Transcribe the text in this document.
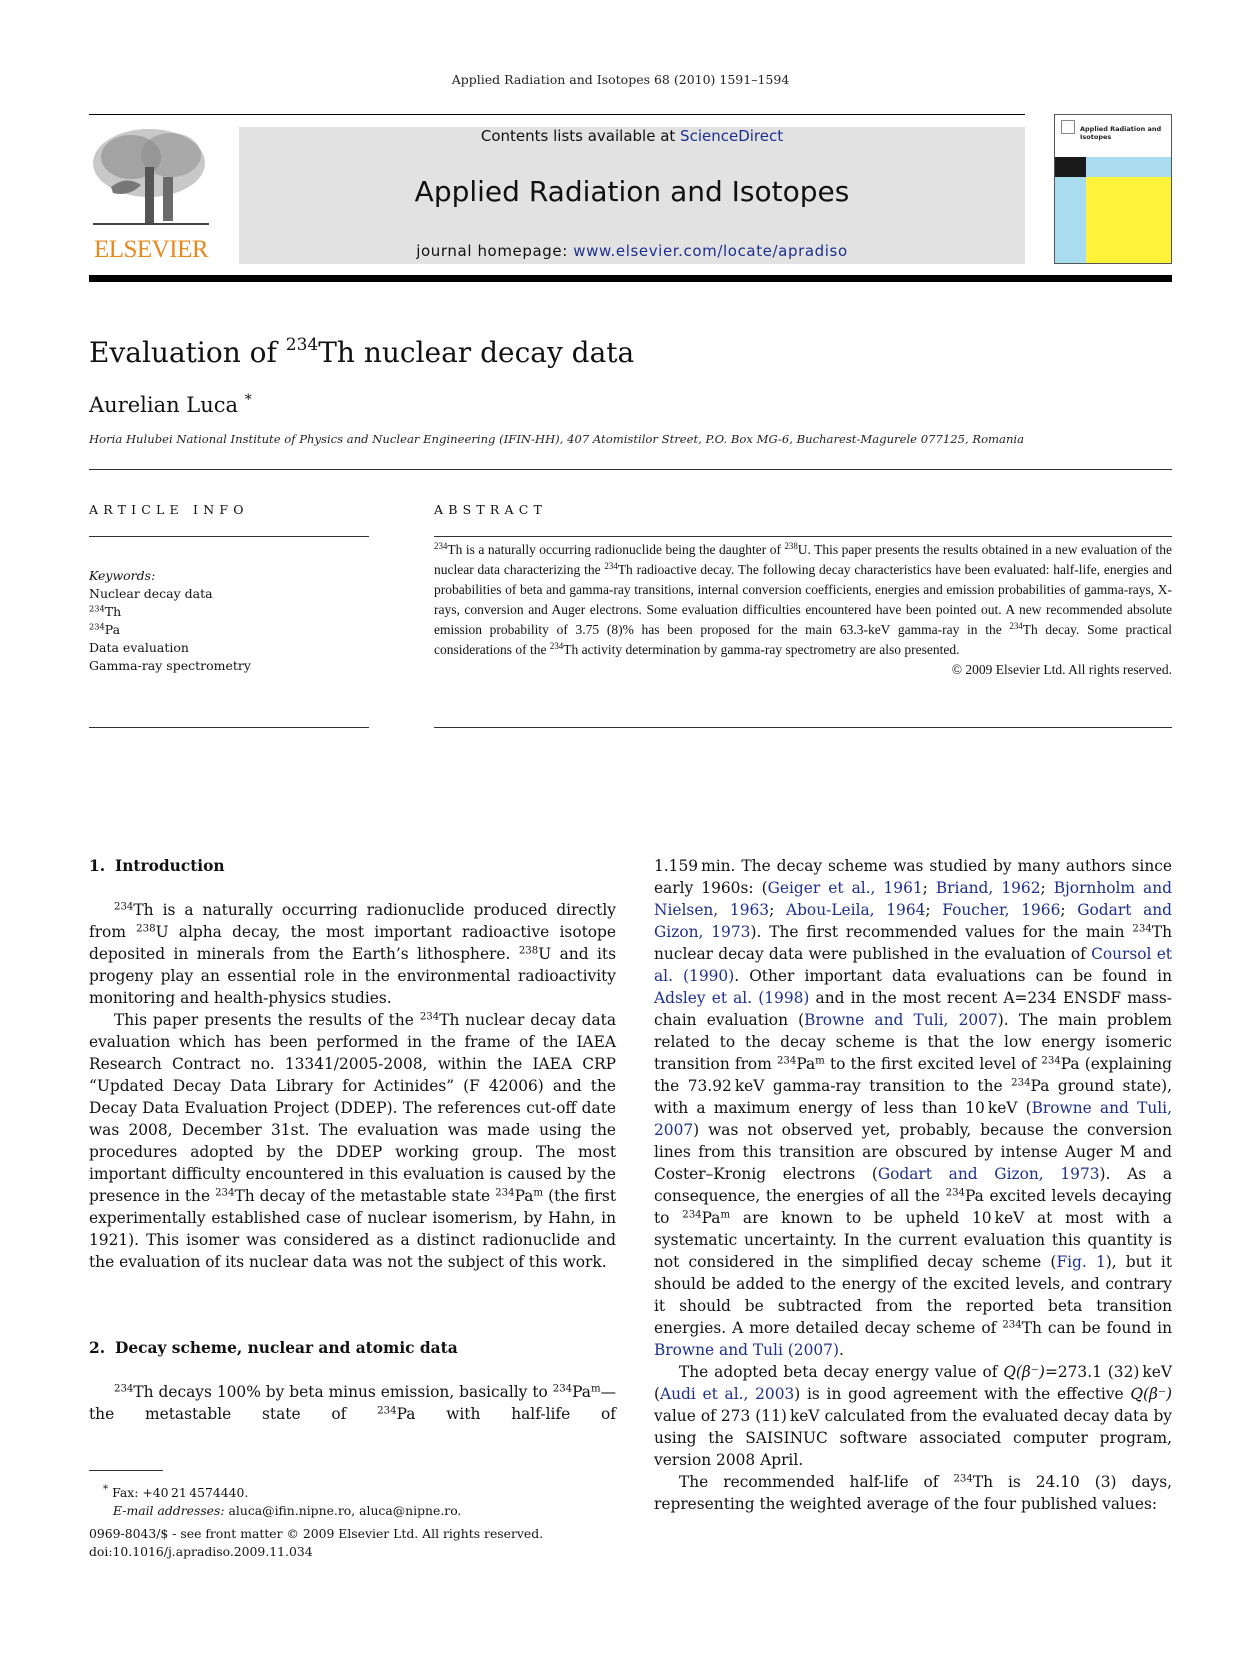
Applied Radiation and Isotopes 68 (2010) 1591–1594
ELSEVIER
Contents lists available at ScienceDirect
Applied Radiation and Isotopes
journal homepage: www.elsevier.com/locate/apradiso
Applied Radiation and Isotopes
Evaluation of $^{234}$Th nuclear decay data
Aurelian Luca *
Horia Hulubei National Institute of Physics and Nuclear Engineering (IFIN-HH), 407 Atomistilor Street, P.O. Box MG-6, Bucharest-Magurele 077125, Romania
ARTICLE INFO
Keywords:
Nuclear decay data
$^{234}$Th
$^{234}$Pa
Data evaluation
Gamma-ray spectrometry
ABSTRACT
$^{234}$Th is a naturally occurring radionuclide being the daughter of $^{238}$U. This paper presents the results obtained in a new evaluation of the nuclear data characterizing the $^{234}$Th radioactive decay. The following decay characteristics have been evaluated: half-life, energies and probabilities of beta and gamma-ray transitions, internal conversion coefficients, energies and emission probabilities of gamma-rays, X-rays, conversion and Auger electrons. Some evaluation difficulties encountered have been pointed out. A new recommended absolute emission probability of 3.75 (8)% has been proposed for the main 63.3-keV gamma-ray in the $^{234}$Th decay. Some practical considerations of the $^{234}$Th activity determination by gamma-ray spectrometry are also presented.
© 2009 Elsevier Ltd. All rights reserved.
1. Introduction

$^{234}$Th is a naturally occurring radionuclide produced directly from $^{238}$U alpha decay, the most important radioactive isotope deposited in minerals from the Earth’s lithosphere. $^{238}$U and its progeny play an essential role in the environmental radioactivity monitoring and health-physics studies.

This paper presents the results of the $^{234}$Th nuclear decay data evaluation which has been performed in the frame of the IAEA Research Contract no. 13341/2005-2008, within the IAEA CRP “Updated Decay Data Library for Actinides” (F 42006) and the Decay Data Evaluation Project (DDEP). The references cut-off date was 2008, December 31st. The evaluation was made using the procedures adopted by the DDEP working group. The most important difficulty encountered in this evaluation is caused by the presence in the $^{234}$Th decay of the metastable state $^{234}$Pa$^m$ (the first experimentally established case of nuclear isomerism, by Hahn, in 1921). This isomer was considered as a distinct radionuclide and the evaluation of its nuclear data was not the subject of this work.

2. Decay scheme, nuclear and atomic data

$^{234}$Th decays 100% by beta minus emission, basically to $^{234}$Pa$^m$—the metastable state of $^{234}$Pa with half-life of

* Fax: +40 21 4574440.
E-mail addresses: aluca@ifin.nipne.ro, aluca@nipne.ro.
0969-8043/$ - see front matter © 2009 Elsevier Ltd. All rights reserved.
doi:10.1016/j.apradiso.2009.11.034

1.159 min. The decay scheme was studied by many authors since early 1960s: (Geiger et al., 1961; Briand, 1962; Bjornholm and Nielsen, 1963; Abou-Leila, 1964; Foucher, 1966; Godart and Gizon, 1973). The first recommended values for the main $^{234}$Th nuclear decay data were published in the evaluation of Coursol et al. (1990). Other important data evaluations can be found in Adsley et al. (1998) and in the most recent A=234 ENSDF mass-chain evaluation (Browne and Tuli, 2007). The main problem related to the decay scheme is that the low energy isomeric transition from $^{234}$Pa$^m$ to the first excited level of $^{234}$Pa (explaining the 73.92 keV gamma-ray transition to the $^{234}$Pa ground state), with a maximum energy of less than 10 keV (Browne and Tuli, 2007) was not observed yet, probably, because the conversion lines from this transition are obscured by intense Auger M and Coster–Kronig electrons (Godart and Gizon, 1973). As a consequence, the energies of all the $^{234}$Pa excited levels decaying to $^{234}$Pa$^m$ are known to be upheld 10 keV at most with a systematic uncertainty. In the current evaluation this quantity is not considered in the simplified decay scheme (Fig. 1), but it should be added to the energy of the excited levels, and contrary it should be subtracted from the reported beta transition energies. A more detailed decay scheme of $^{234}$Th can be found in Browne and Tuli (2007).

The adopted beta decay energy value of Q(β⁻)=273.1 (32) keV (Audi et al., 2003) is in good agreement with the effective Q(β⁻) value of 273 (11) keV calculated from the evaluated decay data by using the SAISINUC software associated computer program, version 2008 April.

The recommended half-life of $^{234}$Th is 24.10 (3) days, representing the weighted average of the four published values:
